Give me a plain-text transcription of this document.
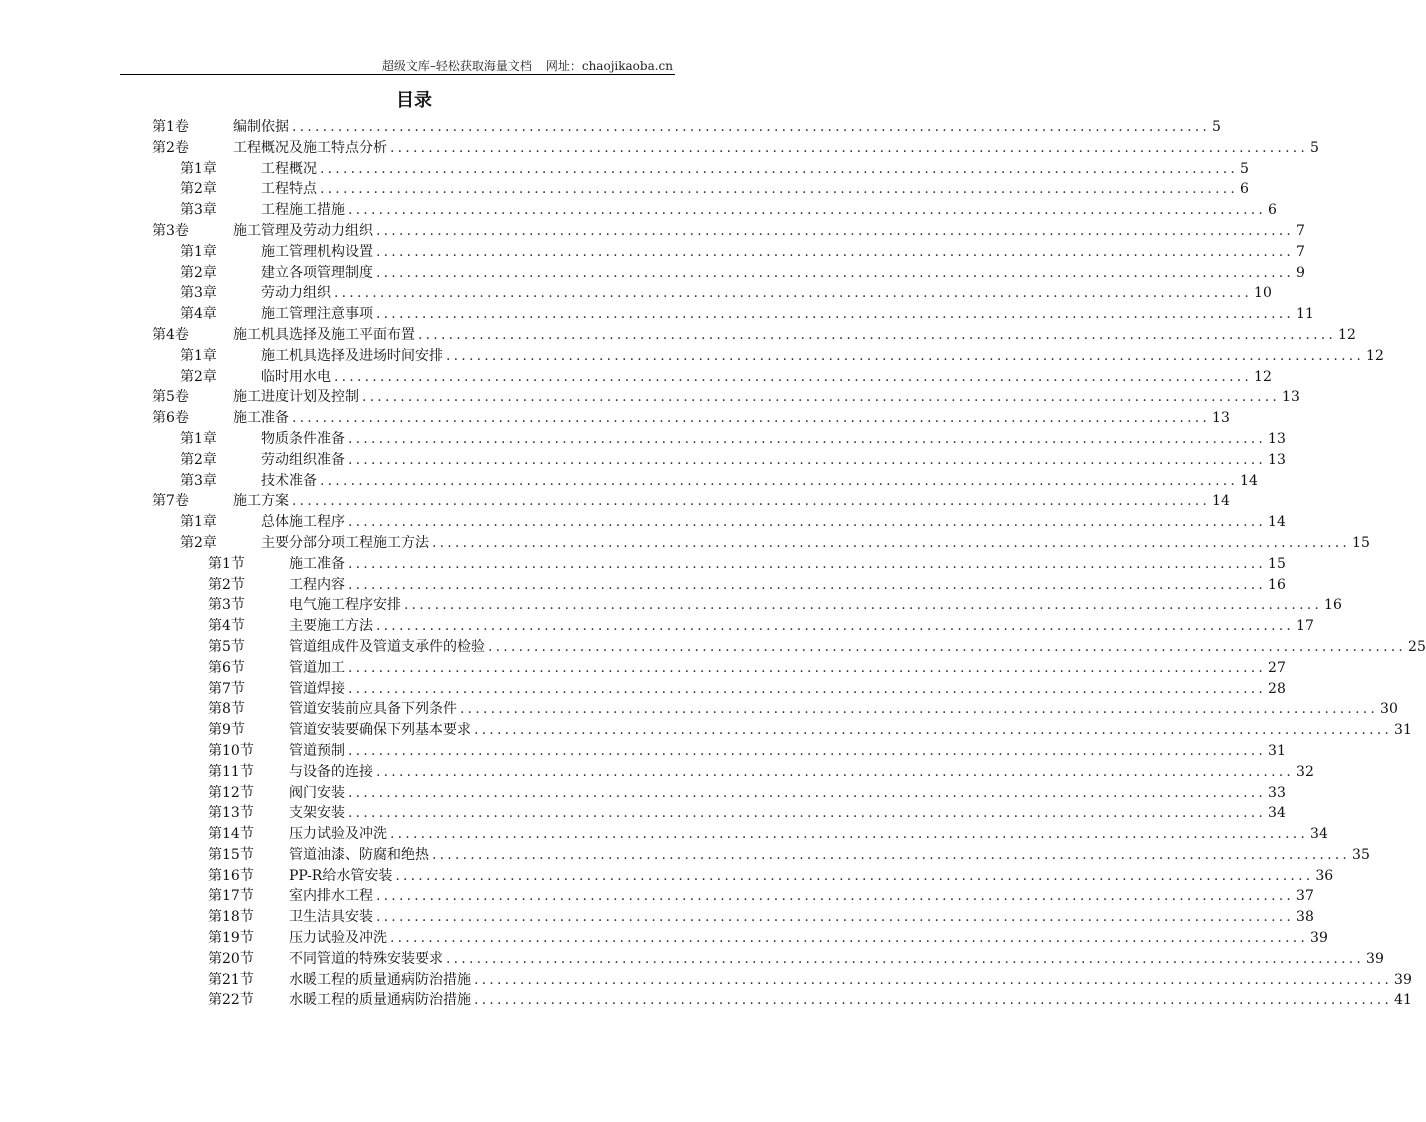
超级文库–轻松获取海量文档 网址：chaojikaoba.cn
目录
第1卷	编制依据 ........................................................................................................................ 5
第2卷	工程概况及施工特点分析 ........................................................................................................................ 5
第1章	工程概况 ........................................................................................................................ 5
第2章	工程特点 ........................................................................................................................ 6
第3章	工程施工措施 ........................................................................................................................ 6
第3卷	施工管理及劳动力组织 ........................................................................................................................ 7
第1章	施工管理机构设置 ........................................................................................................................ 7
第2章	建立各项管理制度 ........................................................................................................................ 9
第3章	劳动力组织 ........................................................................................................................ 10
第4章	施工管理注意事项 ........................................................................................................................ 11
第4卷	施工机具选择及施工平面布置 ........................................................................................................................ 12
第1章	施工机具选择及进场时间安排 ........................................................................................................................ 12
第2章	临时用水电 ........................................................................................................................ 12
第5卷	施工进度计划及控制 ........................................................................................................................ 13
第6卷	施工准备 ........................................................................................................................ 13
第1章	物质条件准备 ........................................................................................................................ 13
第2章	劳动组织准备 ........................................................................................................................ 13
第3章	技术准备 ........................................................................................................................ 14
第7卷	施工方案 ........................................................................................................................ 14
第1章	总体施工程序 ........................................................................................................................ 14
第2章	主要分部分项工程施工方法 ........................................................................................................................ 15
第1节	施工准备 ........................................................................................................................ 15
第2节	工程内容 ........................................................................................................................ 16
第3节	电气施工程序安排 ........................................................................................................................ 16
第4节	主要施工方法 ........................................................................................................................ 17
第5节	管道组成件及管道支承件的检验 ........................................................................................................................ 25
第6节	管道加工 ........................................................................................................................ 27
第7节	管道焊接 ........................................................................................................................ 28
第8节	管道安装前应具备下列条件 ........................................................................................................................ 30
第9节	管道安装要确保下列基本要求 ........................................................................................................................ 31
第10节	管道预制 ........................................................................................................................ 31
第11节	与设备的连接 ........................................................................................................................ 32
第12节	阀门安装 ........................................................................................................................ 33
第13节	支架安装 ........................................................................................................................ 34
第14节	压力试验及冲洗 ........................................................................................................................ 34
第15节	管道油漆、防腐和绝热 ........................................................................................................................ 35
第16节	PP-R给水管安装 ........................................................................................................................ 36
第17节	室内排水工程 ........................................................................................................................ 37
第18节	卫生洁具安装 ........................................................................................................................ 38
第19节	压力试验及冲洗 ........................................................................................................................ 39
第20节	不同管道的特殊安装要求 ........................................................................................................................ 39
第21节	水暖工程的质量通病防治措施 ........................................................................................................................ 39
第22节	水暖工程的质量通病防治措施 ........................................................................................................................ 41
